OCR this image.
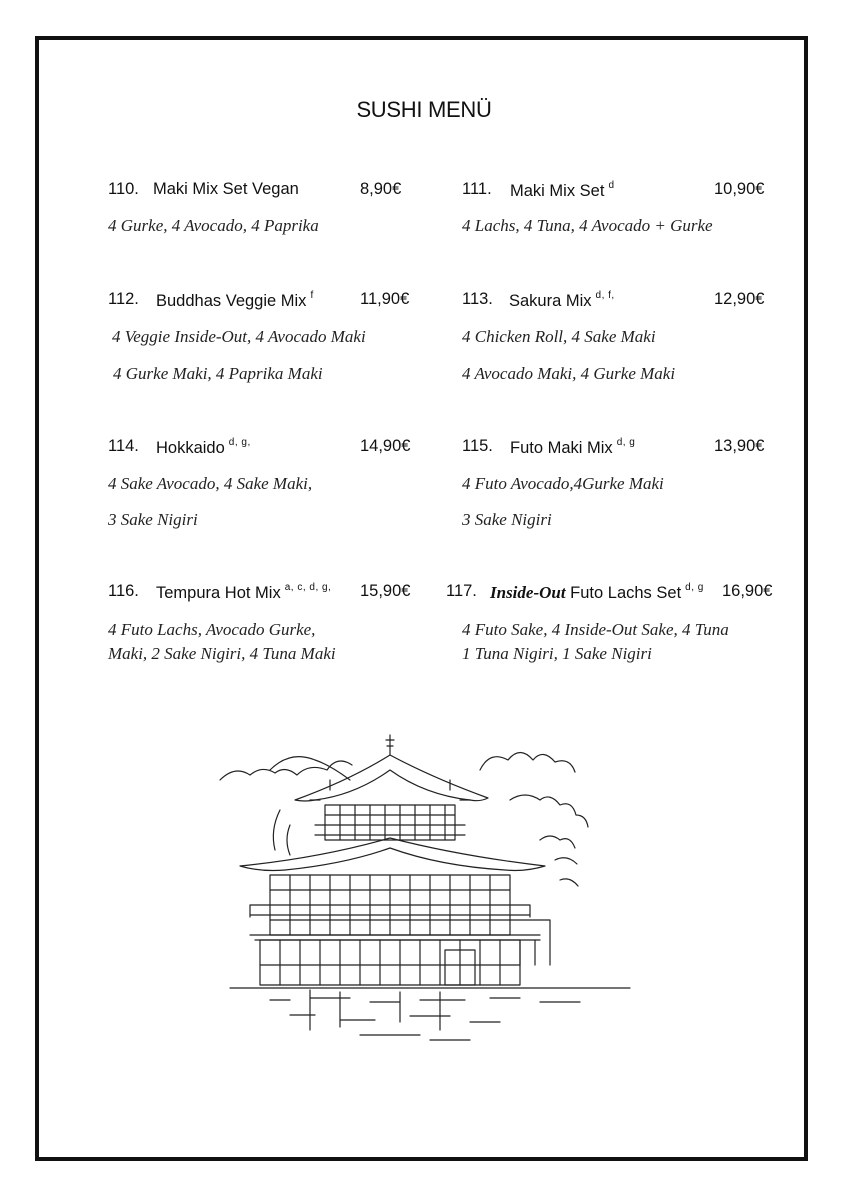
SUSHI MENÜ
110. Maki Mix Set Vegan	8,90€
4 Gurke, 4 Avocado, 4 Paprika
111. Maki Mix Set $^d$	10,90€
4 Lachs, 4 Tuna, 4 Avocado + Gurke
112. Buddhas Veggie Mix $^f$	11,90€
4 Veggie Inside-Out, 4 Avocado Maki
4 Gurke Maki, 4 Paprika Maki
113. Sakura Mix $^{d, f,}$	12,90€
4 Chicken Roll, 4 Sake Maki
4 Avocado Maki, 4 Gurke Maki
114. Hokkaido $^{d, g,}$	14,90€
4 Sake Avocado, 4 Sake Maki,
3 Sake Nigiri
115. Futo Maki Mix $^{d, g}$	13,90€
4 Futo Avocado,4Gurke Maki
3 Sake Nigiri
116. Tempura Hot Mix $^{a, c, d, g,}$ 15,90€
4 Futo Lachs, Avocado Gurke,
Maki, 2 Sake Nigiri, 4 Tuna Maki
117. Inside-Out Futo Lachs Set $^{d, g}$ 16,90€
4 Futo Sake, 4 Inside-Out Sake, 4 Tuna
1 Tuna Nigiri, 1 Sake Nigiri
